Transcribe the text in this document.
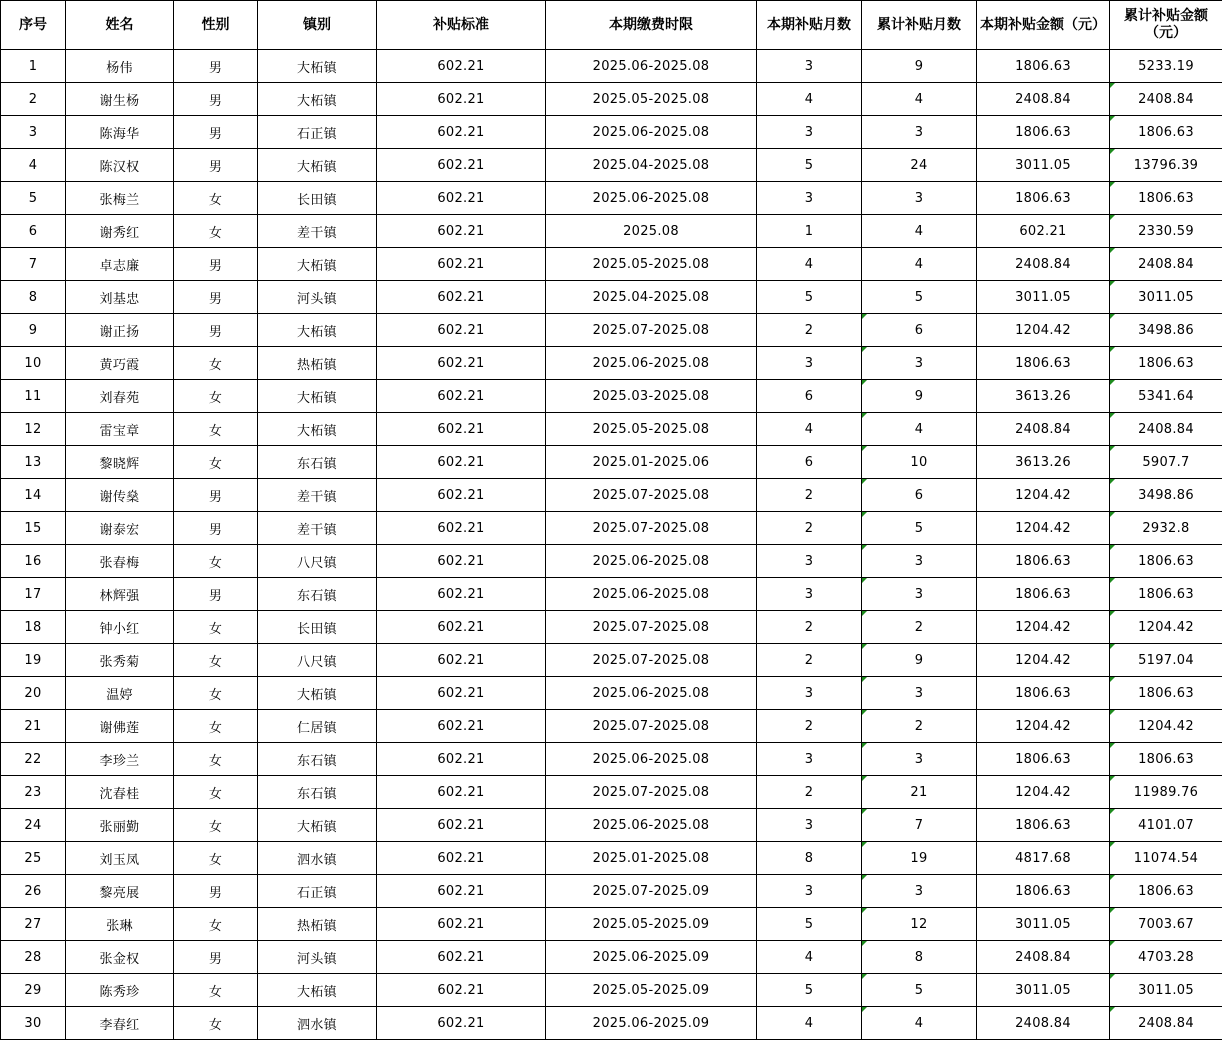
序号	姓名	性别	镇别	补贴标准	本期缴费时限	本期补贴月数	累计补贴月数	本期补贴金额（元）	累计补贴金额（元）
1	杨伟	男	大柘镇	602.21	2025.06-2025.08	3	9	1806.63	5233.19
2	谢生杨	男	大柘镇	602.21	2025.05-2025.08	4	4	2408.84	2408.84
3	陈海华	男	石正镇	602.21	2025.06-2025.08	3	3	1806.63	1806.63
4	陈汉权	男	大柘镇	602.21	2025.04-2025.08	5	24	3011.05	13796.39
5	张梅兰	女	长田镇	602.21	2025.06-2025.08	3	3	1806.63	1806.63
6	谢秀红	女	差干镇	602.21	2025.08	1	4	602.21	2330.59
7	卓志廉	男	大柘镇	602.21	2025.05-2025.08	4	4	2408.84	2408.84
8	刘基忠	男	河头镇	602.21	2025.04-2025.08	5	5	3011.05	3011.05
9	谢正扬	男	大柘镇	602.21	2025.07-2025.08	2	6	1204.42	3498.86
10	黄巧霞	女	热柘镇	602.21	2025.06-2025.08	3	3	1806.63	1806.63
11	刘春苑	女	大柘镇	602.21	2025.03-2025.08	6	9	3613.26	5341.64
12	雷宝章	女	大柘镇	602.21	2025.05-2025.08	4	4	2408.84	2408.84
13	黎晓辉	女	东石镇	602.21	2025.01-2025.06	6	10	3613.26	5907.7
14	谢传燊	男	差干镇	602.21	2025.07-2025.08	2	6	1204.42	3498.86
15	谢泰宏	男	差干镇	602.21	2025.07-2025.08	2	5	1204.42	2932.8
16	张春梅	女	八尺镇	602.21	2025.06-2025.08	3	3	1806.63	1806.63
17	林辉强	男	东石镇	602.21	2025.06-2025.08	3	3	1806.63	1806.63
18	钟小红	女	长田镇	602.21	2025.07-2025.08	2	2	1204.42	1204.42
19	张秀菊	女	八尺镇	602.21	2025.07-2025.08	2	9	1204.42	5197.04
20	温婷	女	大柘镇	602.21	2025.06-2025.08	3	3	1806.63	1806.63
21	谢佛莲	女	仁居镇	602.21	2025.07-2025.08	2	2	1204.42	1204.42
22	李珍兰	女	东石镇	602.21	2025.06-2025.08	3	3	1806.63	1806.63
23	沈春桂	女	东石镇	602.21	2025.07-2025.08	2	21	1204.42	11989.76
24	张丽勤	女	大柘镇	602.21	2025.06-2025.08	3	7	1806.63	4101.07
25	刘玉凤	女	泗水镇	602.21	2025.01-2025.08	8	19	4817.68	11074.54
26	黎亮展	男	石正镇	602.21	2025.07-2025.09	3	3	1806.63	1806.63
27	张琳	女	热柘镇	602.21	2025.05-2025.09	5	12	3011.05	7003.67
28	张金权	男	河头镇	602.21	2025.06-2025.09	4	8	2408.84	4703.28
29	陈秀珍	女	大柘镇	602.21	2025.05-2025.09	5	5	3011.05	3011.05
30	李春红	女	泗水镇	602.21	2025.06-2025.09	4	4	2408.84	2408.84
